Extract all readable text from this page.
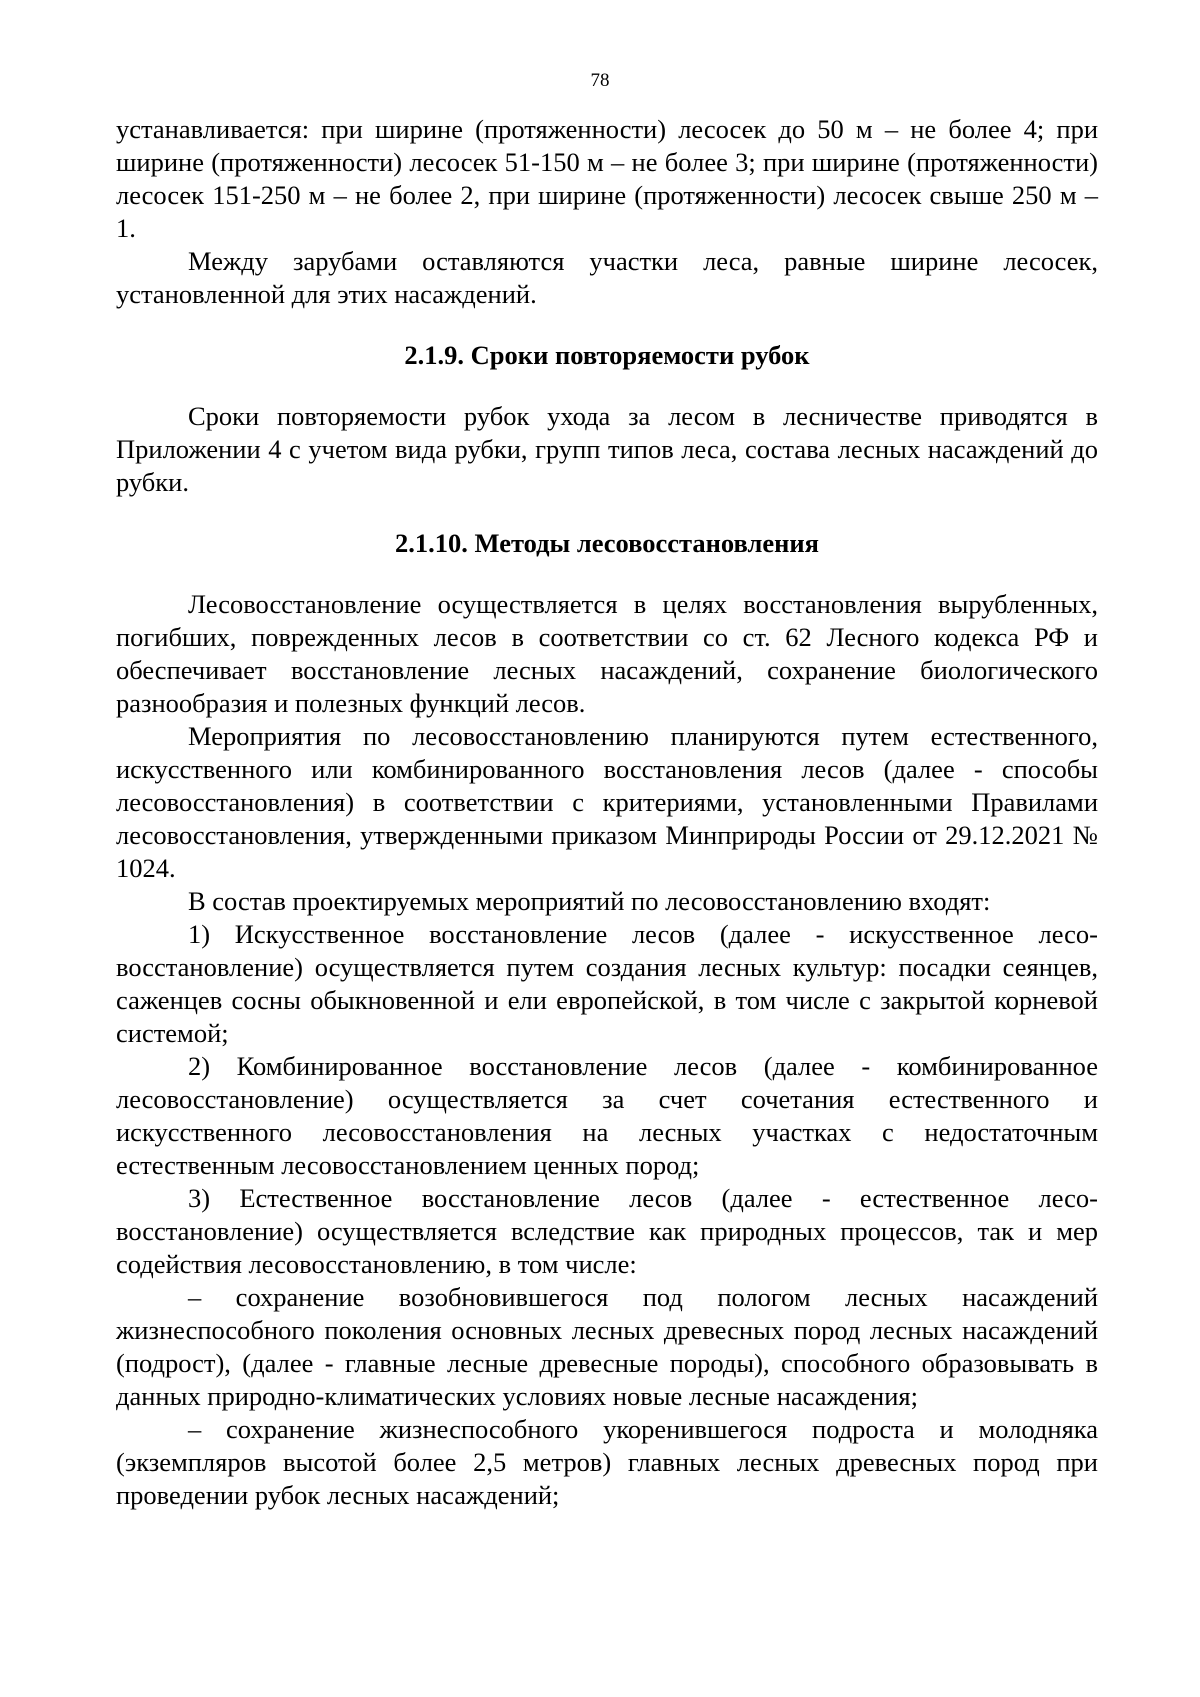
78

устанавливается: при ширине (протяженности) лесосек до 50 м – не более 4; при ширине (протяженности) лесосек 51-150 м – не более 3; при ширине (протяженности) лесосек 151-250 м – не более 2, при ширине (протяженности) лесосек свыше 250 м – 1.

Между зарубами оставляются участки леса, равные ширине лесосек, установленной для этих насаждений.

2.1.9. Сроки повторяемости рубок

Сроки повторяемости рубок ухода за лесом в лесничестве приводятся в Приложении 4 с учетом вида рубки, групп типов леса, состава лесных насаждений до рубки.

2.1.10. Методы лесовосстановления

Лесовосстановление осуществляется в целях восстановления вырубленных, погибших, поврежденных лесов в соответствии со ст. 62 Лесного кодекса РФ и обеспечивает восстановление лесных насаждений, сохранение биологического разнообразия и полезных функций лесов.

Мероприятия по лесовосстановлению планируются путем естественного, искусственного или комбинированного восстановления лесов (далее - способы лесовосстановления) в соответствии с критериями, установленными Правилами лесовосстановления, утвержденными приказом Минприроды России от 29.12.2021 № 1024.

В состав проектируемых мероприятий по лесовосстановлению входят:

1) Искусственное восстановление лесов (далее - искусственное лесо-восстановление) осуществляется путем создания лесных культур: посадки сеянцев, саженцев сосны обыкновенной и ели европейской, в том числе с закрытой корневой системой;

2) Комбинированное восстановление лесов (далее - комбинированное лесовосстановление) осуществляется за счет сочетания естественного и искусственного лесовосстановления на лесных участках с недостаточным естественным лесовосстановлением ценных пород;

3) Естественное восстановление лесов (далее - естественное лесо-восстановление) осуществляется вследствие как природных процессов, так и мер содействия лесовосстановлению, в том числе:

– сохранение возобновившегося под пологом лесных насаждений жизнеспособного поколения основных лесных древесных пород лесных насаждений (подрост), (далее - главные лесные древесные породы), способного образовывать в данных природно-климатических условиях новые лесные насаждения;

– сохранение жизнеспособного укоренившегося подроста и молодняка (экземпляров высотой более 2,5 метров) главных лесных древесных пород при проведении рубок лесных насаждений;
